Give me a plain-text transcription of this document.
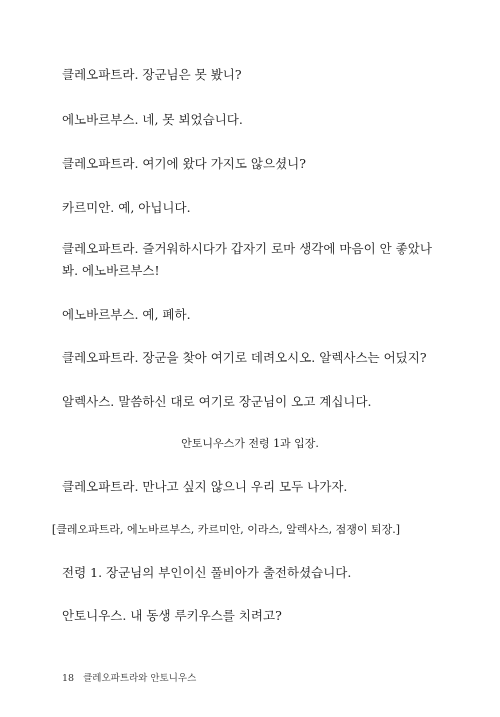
클레오파트라. 장군님은 못 봤니?
에노바르부스. 네, 못 뵈었습니다.
클레오파트라. 여기에 왔다 가지도 않으셨니?
카르미안. 예, 아닙니다.
클레오파트라. 즐거워하시다가 갑자기 로마 생각에 마음이 안 좋았나 봐. 에노바르부스!
에노바르부스. 예, 폐하.
클레오파트라. 장군을 찾아 여기로 데려오시오. 알렉사스는 어딨지?
알렉사스. 말씀하신 대로 여기로 장군님이 오고 계십니다.
안토니우스가 전령 1과 입장.
클레오파트라. 만나고 싶지 않으니 우리 모두 나가자.
[클레오파트라, 에노바르부스, 카르미안, 이라스, 알렉사스, 점쟁이 퇴장.]
전령 1. 장군님의 부인이신 풀비아가 출전하셨습니다.
안토니우스. 내 동생 루키우스를 치려고?
18 클레오파트라와 안토니우스
